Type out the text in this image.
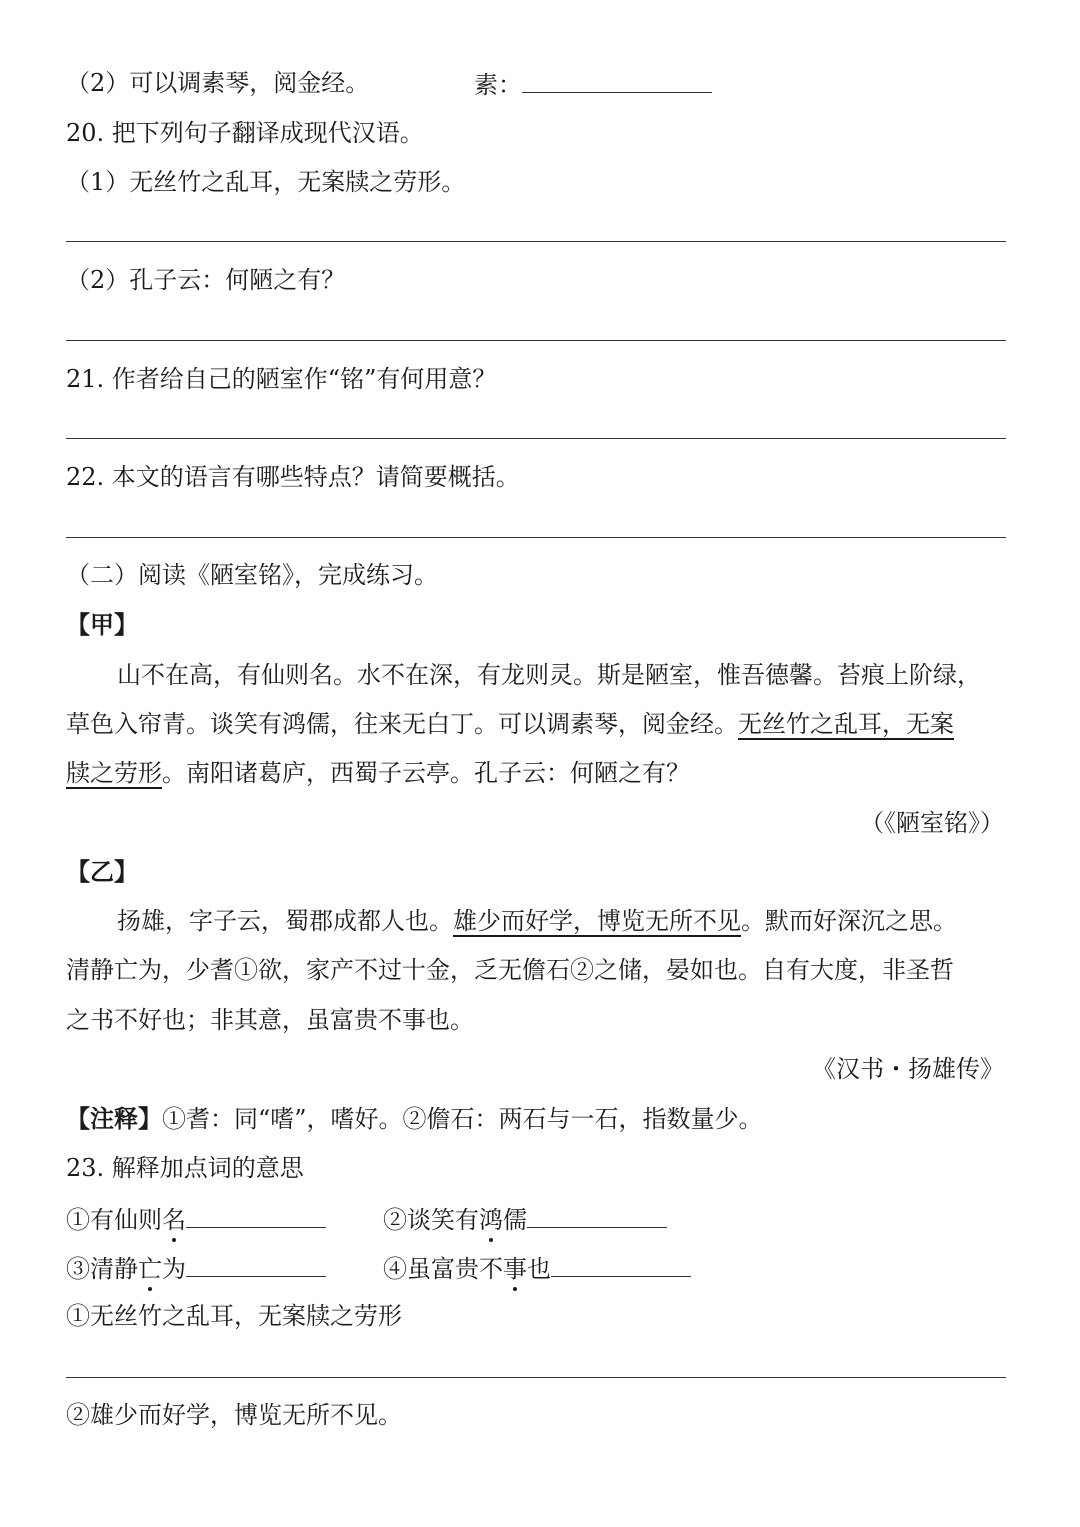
（2）可以调素琴，阅金经。	素：
20. 把下列句子翻译成现代汉语。
（1）无丝竹之乱耳，无案牍之劳形。
（2）孔子云：何陋之有？
21. 作者给自己的陋室作“铭”有何用意？
22. 本文的语言有哪些特点？请简要概括。
（二）阅读《陋室铭》，完成练习。
【甲】
山不在高，有仙则名。水不在深，有龙则灵。斯是陋室，惟吾德馨。苔痕上阶绿，
草色入帘青。谈笑有鸿儒，往来无白丁。可以调素琴，阅金经。无丝竹之乱耳，无案
牍之劳形。南阳诸葛庐，西蜀子云亭。孔子云：何陋之有？
（《陋室铭》）
【乙】
扬雄，字子云，蜀郡成都人也。雄少而好学，博览无所不见。默而好深沉之思。
清静亡为，少耆①欲，家产不过十金，乏无儋石②之储，晏如也。自有大度，非圣哲
之书不好也；非其意，虽富贵不事也。
《汉书・扬雄传》
【注释】①耆：同“嗜”，嗜好。②儋石：两石与一石，指数量少。
23. 解释加点词的意思
①有仙则名	②谈笑有鸿儒
③清静亡为	④虽富贵不事也
①无丝竹之乱耳，无案牍之劳形
②雄少而好学，博览无所不见。
